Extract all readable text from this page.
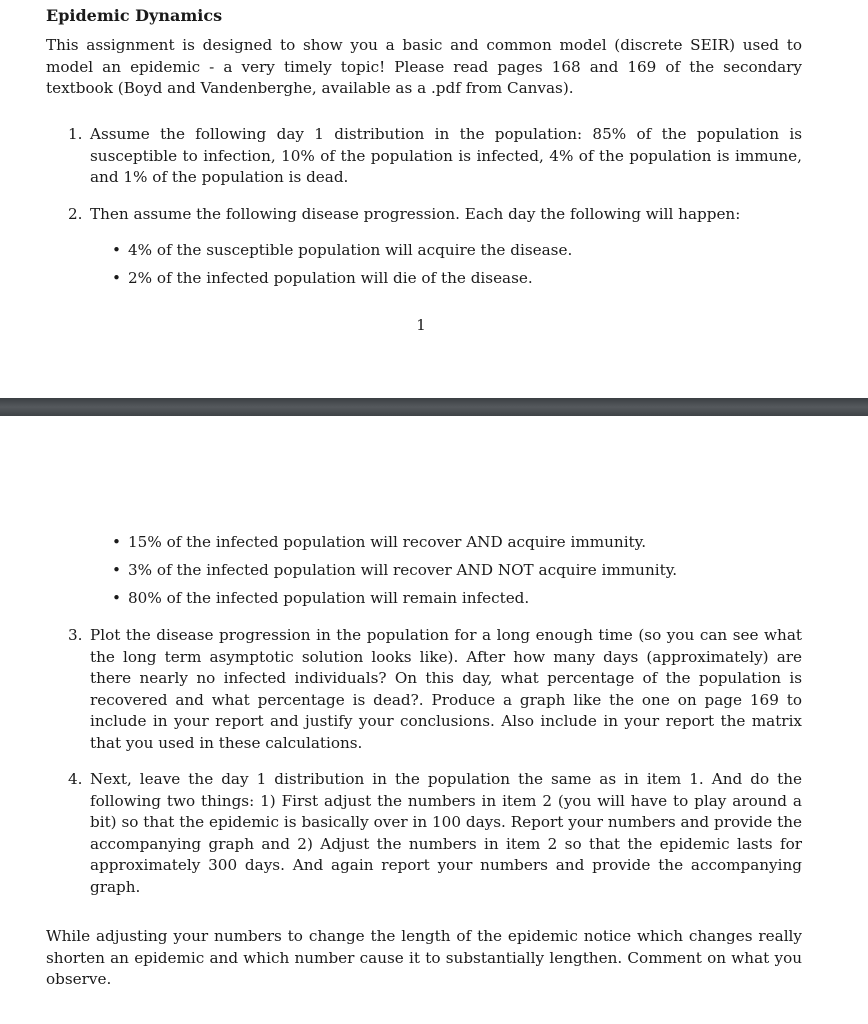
Epidemic Dynamics
This assignment is designed to show you a basic and common model (discrete SEIR) used to model an epidemic - a very timely topic! Please read pages 168 and 169 of the secondary textbook (Boyd and Vandenberghe, available as a .pdf from Canvas).
1. Assume the following day 1 distribution in the population: 85% of the population is susceptible to infection, 10% of the population is infected, 4% of the population is immune, and 1% of the population is dead.
2. Then assume the following disease progression. Each day the following will happen:
• 4% of the susceptible population will acquire the disease.
• 2% of the infected population will die of the disease.
1
• 15% of the infected population will recover AND acquire immunity.
• 3% of the infected population will recover AND NOT acquire immunity.
• 80% of the infected population will remain infected.
3. Plot the disease progression in the population for a long enough time (so you can see what the long term asymptotic solution looks like). After how many days (approximately) are there nearly no infected individuals? On this day, what percentage of the population is recovered and what percentage is dead?. Produce a graph like the one on page 169 to include in your report and justify your conclusions. Also include in your report the matrix that you used in these calculations.
4. Next, leave the day 1 distribution in the population the same as in item 1. And do the following two things: 1) First adjust the numbers in item 2 (you will have to play around a bit) so that the epidemic is basically over in 100 days. Report your numbers and provide the accompanying graph and 2) Adjust the numbers in item 2 so that the epidemic lasts for approximately 300 days. And again report your numbers and provide the accompanying graph.
While adjusting your numbers to change the length of the epidemic notice which changes really shorten an epidemic and which number cause it to substantially lengthen. Comment on what you observe.
